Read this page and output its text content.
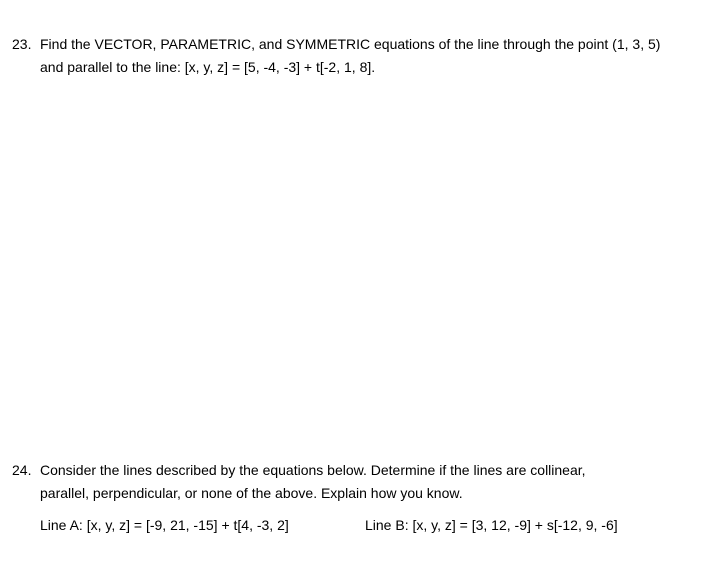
23. Find the VECTOR, PARAMETRIC, and SYMMETRIC equations of the line through the point (1, 3, 5)
and parallel to the line: [x, y, z] = [5, -4, -3] + t[-2, 1, 8].
24. Consider the lines described by the equations below. Determine if the lines are collinear,
parallel, perpendicular, or none of the above. Explain how you know.
Line A: [x, y, z] = [-9, 21, -15] + t[4, -3, 2]	Line B: [x, y, z] = [3, 12, -9] + s[-12, 9, -6]
